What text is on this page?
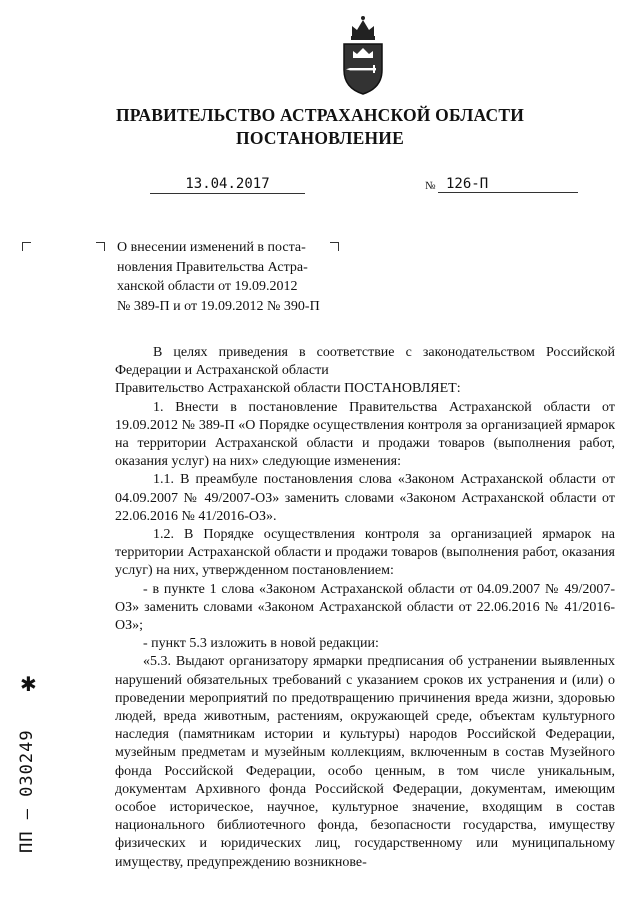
ПРАВИТЕЛЬСТВО АСТРАХАНСКОЙ ОБЛАСТИ
ПОСТАНОВЛЕНИЕ
13.04.2017	№ 126-П
О внесении изменений в поста-
новления Правительства Астра-
ханской области от 19.09.2012
№ 389-П и от 19.09.2012 № 390-П

В целях приведения в соответствие с законодательством Российской Федерации и Астраханской области

Правительство Астраханской области ПОСТАНОВЛЯЕТ:

1. Внести в постановление Правительства Астраханской области от 19.09.2012 № 389-П «О Порядке осуществления контроля за организацией ярмарок на территории Астраханской области и продажи товаров (выполнения работ, оказания услуг) на них» следующие изменения:

1.1. В преамбуле постановления слова «Законом Астраханской области от 04.09.2007 № 49/2007-ОЗ» заменить словами «Законом Астраханской области от 22.06.2016 № 41/2016-ОЗ».

1.2. В Порядке осуществления контроля за организацией ярмарок на территории Астраханской области и продажи товаров (выполнения работ, оказания услуг) на них, утвержденном постановлением:

- в пункте 1 слова «Законом Астраханской области от 04.09.2007 № 49/2007-ОЗ» заменить словами «Законом Астраханской области от 22.06.2016 № 41/2016-ОЗ»;

- пункт 5.3 изложить в новой редакции:

«5.3. Выдают организатору ярмарки предписания об устранении выявленных нарушений обязательных требований с указанием сроков их устранения и (или) о проведении мероприятий по предотвращению причинения вреда жизни, здоровью людей, вреда животным, растениям, окружающей среде, объектам культурного наследия (памятникам истории и культуры) народов Российской Федерации, музейным предметам и музейным коллекциям, включенным в состав Музейного фонда Российской Федерации, особо ценным, в том числе уникальным, документам Архивного фонда Российской Федерации, документам, имеющим особое историческое, научное, культурное значение, входящим в состав национального библиотечного фонда, безопасности государства, имуществу физических и юридических лиц, государственному или муниципальному имуществу, предупреждению возникнове-

✱
ПП – 030249
